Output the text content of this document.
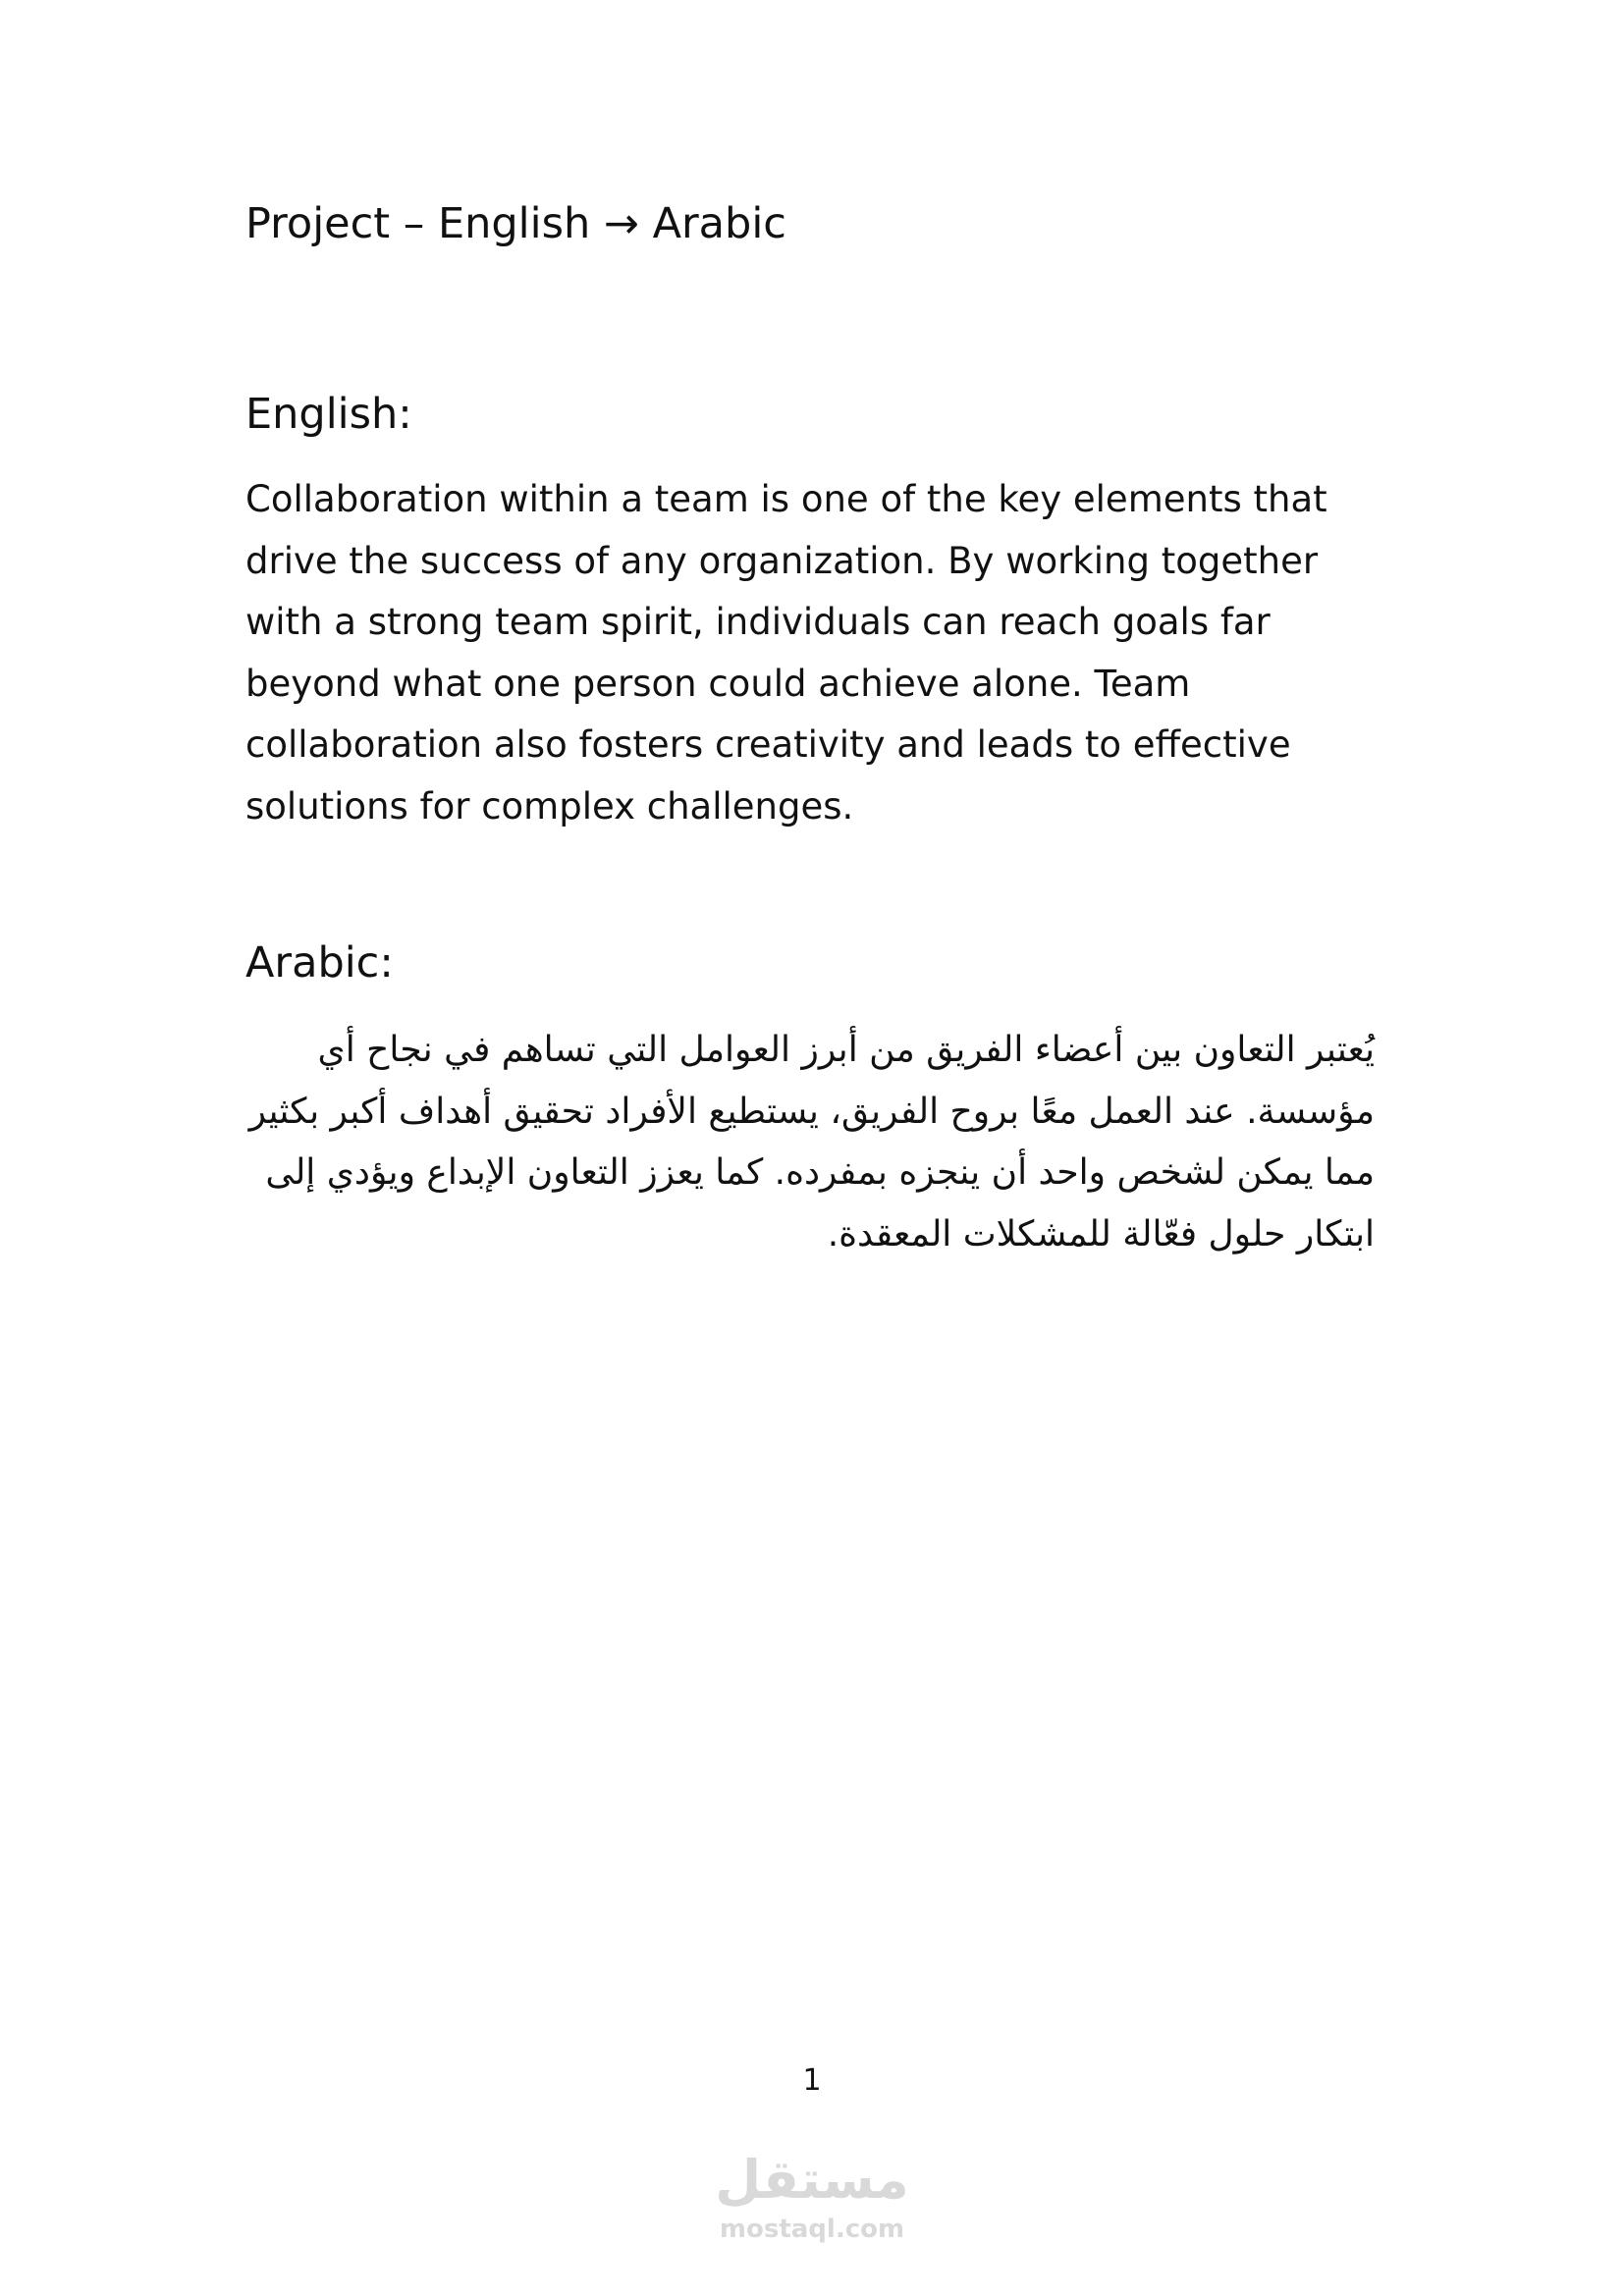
Project – English → Arabic
English:

Collaboration within a team is one of the key elements that drive the success of any organization. By working together with a strong team spirit, individuals can reach goals far beyond what one person could achieve alone. Team collaboration also fosters creativity and leads to effective solutions for complex challenges.

Arabic:

يُعتبر التعاون بين أعضاء الفريق من أبرز العوامل التي تساهم في نجاح أي مؤسسة. عند العمل معًا بروح الفريق، يستطيع الأفراد تحقيق أهداف أكبر بكثير مما يمكن لشخص واحد أن ينجزه بمفرده. كما يعزز التعاون الإبداع ويؤدي إلى ابتكار حلول فعّالة للمشكلات المعقدة.

1
مستقل
mostaql.com
